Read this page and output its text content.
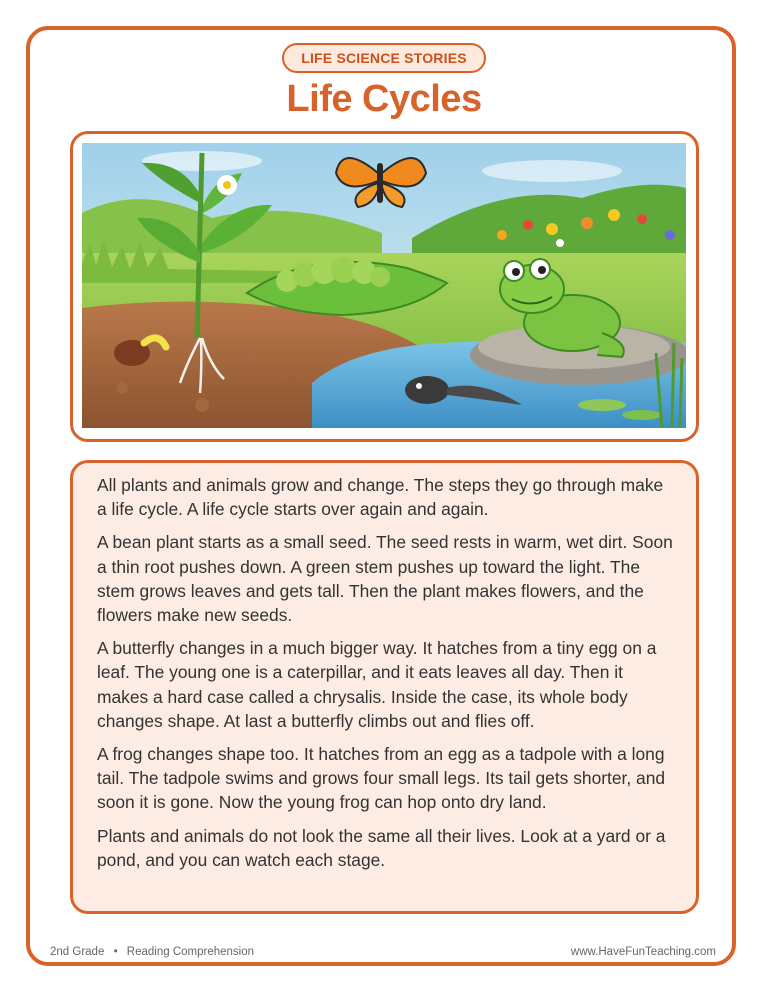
LIFE SCIENCE STORIES
Life Cycles

All plants and animals grow and change. The steps they go through make a life cycle. A life cycle starts over again and again.

A bean plant starts as a small seed. The seed rests in warm, wet dirt. Soon a thin root pushes down. A green stem pushes up toward the light. The stem grows leaves and gets tall. Then the plant makes flowers, and the flowers make new seeds.

A butterfly changes in a much bigger way. It hatches from a tiny egg on a leaf. The young one is a caterpillar, and it eats leaves all day. Then it makes a hard case called a chrysalis. Inside the case, its whole body changes shape. At last a butterfly climbs out and flies off.

A frog changes shape too. It hatches from an egg as a tadpole with a long tail. The tadpole swims and grows four small legs. Its tail gets shorter, and soon it is gone. Now the young frog can hop onto dry land.

Plants and animals do not look the same all their lives. Look at a yard or a pond, and you can watch each stage.

2nd Grade • Reading Comprehension	www.HaveFunTeaching.com
